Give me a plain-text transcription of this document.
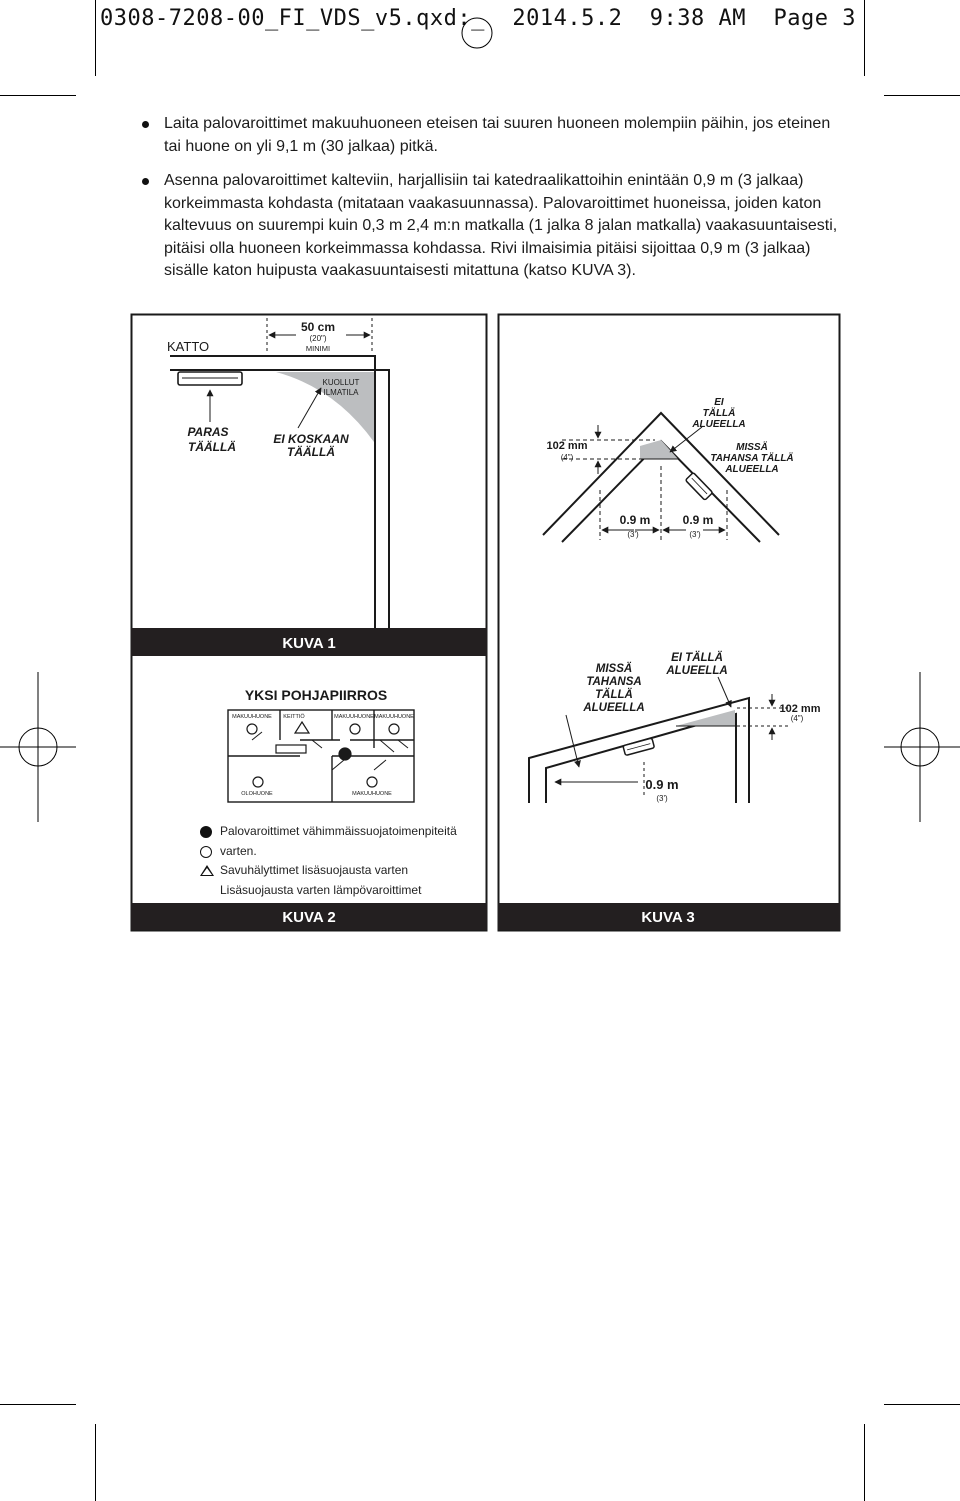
0308-7208-00_FI_VDS_v5.qxd:_  2014.5.2  9:38 AM  Page 3
Laita palovaroittimet makuuhuoneen eteisen tai suuren huoneen molempiin päihin, jos eteinen tai huone on yli 9,1 m (30 jalkaa) pitkä.
Asenna palovaroittimet kalteviin, harjallisiin tai katedraalikattoihin enintään 0,9 m (3 jalkaa) korkeimmasta kohdasta (mitataan vaakasuunnassa). Palovaroittimet huoneissa, joiden katon kaltevuus on suurempi kuin 0,3 m 2,4 m:n matkalla (1 jalka 8 jalan matkalla) vaakasuuntaisesti, pitäisi olla huoneen korkeimmassa kohdassa. Rivi ilmaisimia pitäisi sijoittaa 0,9 m (3 jalkaa) sisälle katon huipusta vaakasuuntaisesti mitattuna (katso KUVA 3).
KATTO
50 cm
(20")
MINIMI
KUOLLUT
ILMATILA
PARAS
TÄÄLLÄ
EI KOSKAAN
TÄÄLLÄ
KUVA 1
YKSI POHJAPIIRROS
MAKUUHUONE KEITTIÖ	MAKUUHUONE MAKUUHUONE
OLOHUONE	MAKUUHUONE
KUVA 2
EI
TÄLLÄ
ALUEELLA
MISSÄ
TAHANSA TÄLLÄ
ALUEELLA
102 mm
(4")
0.9 m
(3')
0.9 m
(3')
MISSÄ
TAHANSA
TÄLLÄ
ALUEELLA
EI TÄLLÄ
ALUEELLA
102 mm
(4")
0.9 m
(3')
KUVA 3
Palovaroittimet vähimmäissuojatoimenpiteitä
varten.
Savuhälyttimet lisäsuojausta varten
Lisäsuojausta varten lämpövaroittimet
